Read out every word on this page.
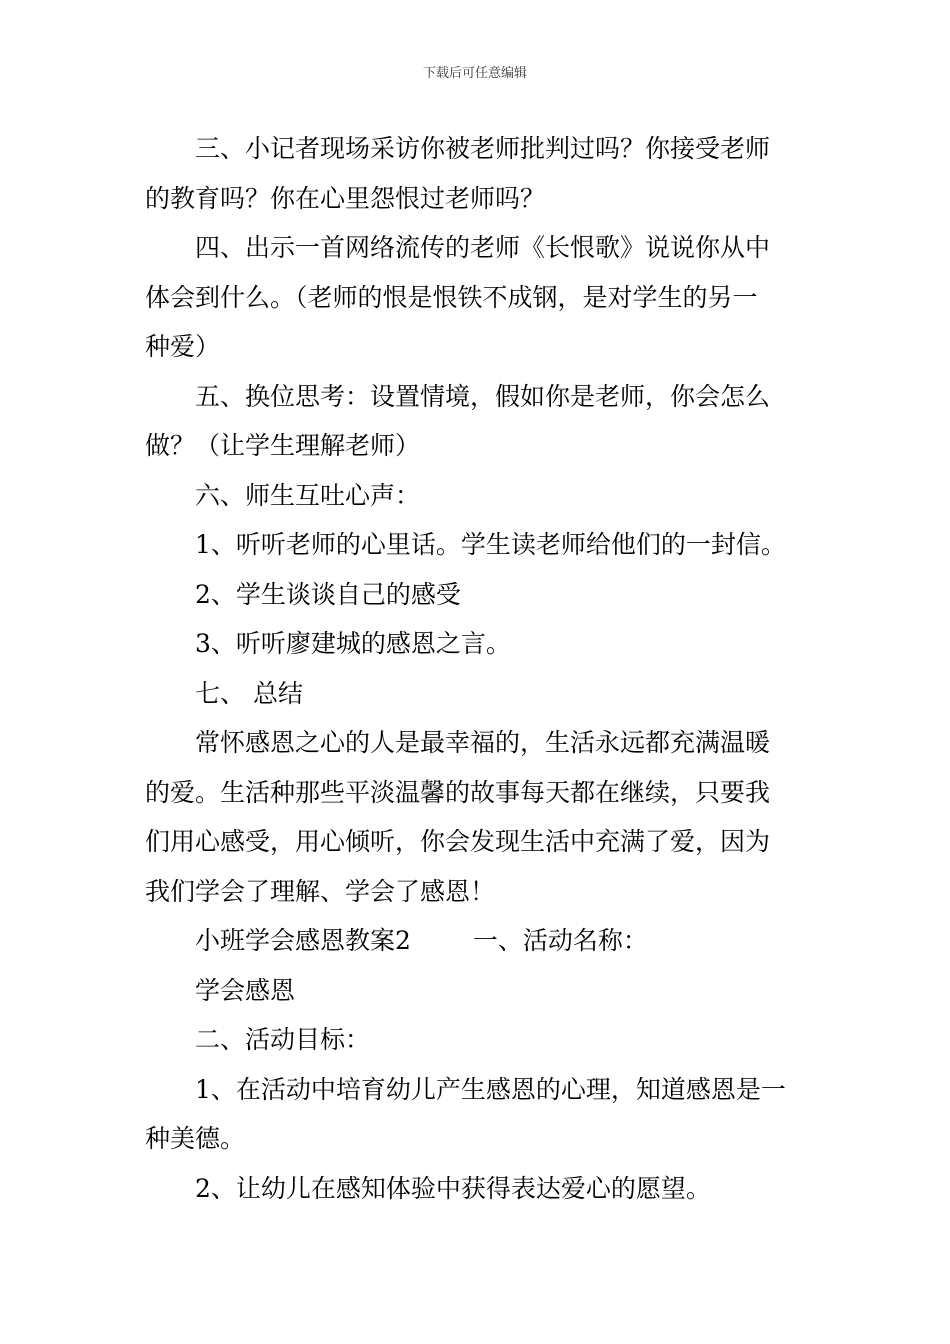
下载后可任意编辑

三、小记者现场采访你被老师批判过吗？你接受老师
的教育吗？你在心里怨恨过老师吗？

四、出示一首网络流传的老师《长恨歌》说说你从中
体会到什么。（老师的恨是恨铁不成钢，是对学生的另一
种爱）

五、换位思考：设置情境，假如你是老师，你会怎么
做？（让学生理解老师）

六、师生互吐心声：

1、听听老师的心里话。学生读老师给他们的一封信。

2、学生谈谈自己的感受

3、听听廖建城的感恩之言。

七、 总结

常怀感恩之心的人是最幸福的，生活永远都充满温暖
的爱。生活种那些平淡温馨的故事每天都在继续，只要我
们用心感受，用心倾听，你会发现生活中充满了爱，因为
我们学会了理解、学会了感恩！

小班学会感恩教案2 一、活动名称：

学会感恩

二、活动目标：

1、在活动中培育幼儿产生感恩的心理，知道感恩是一
种美德。

2、让幼儿在感知体验中获得表达爱心的愿望。
